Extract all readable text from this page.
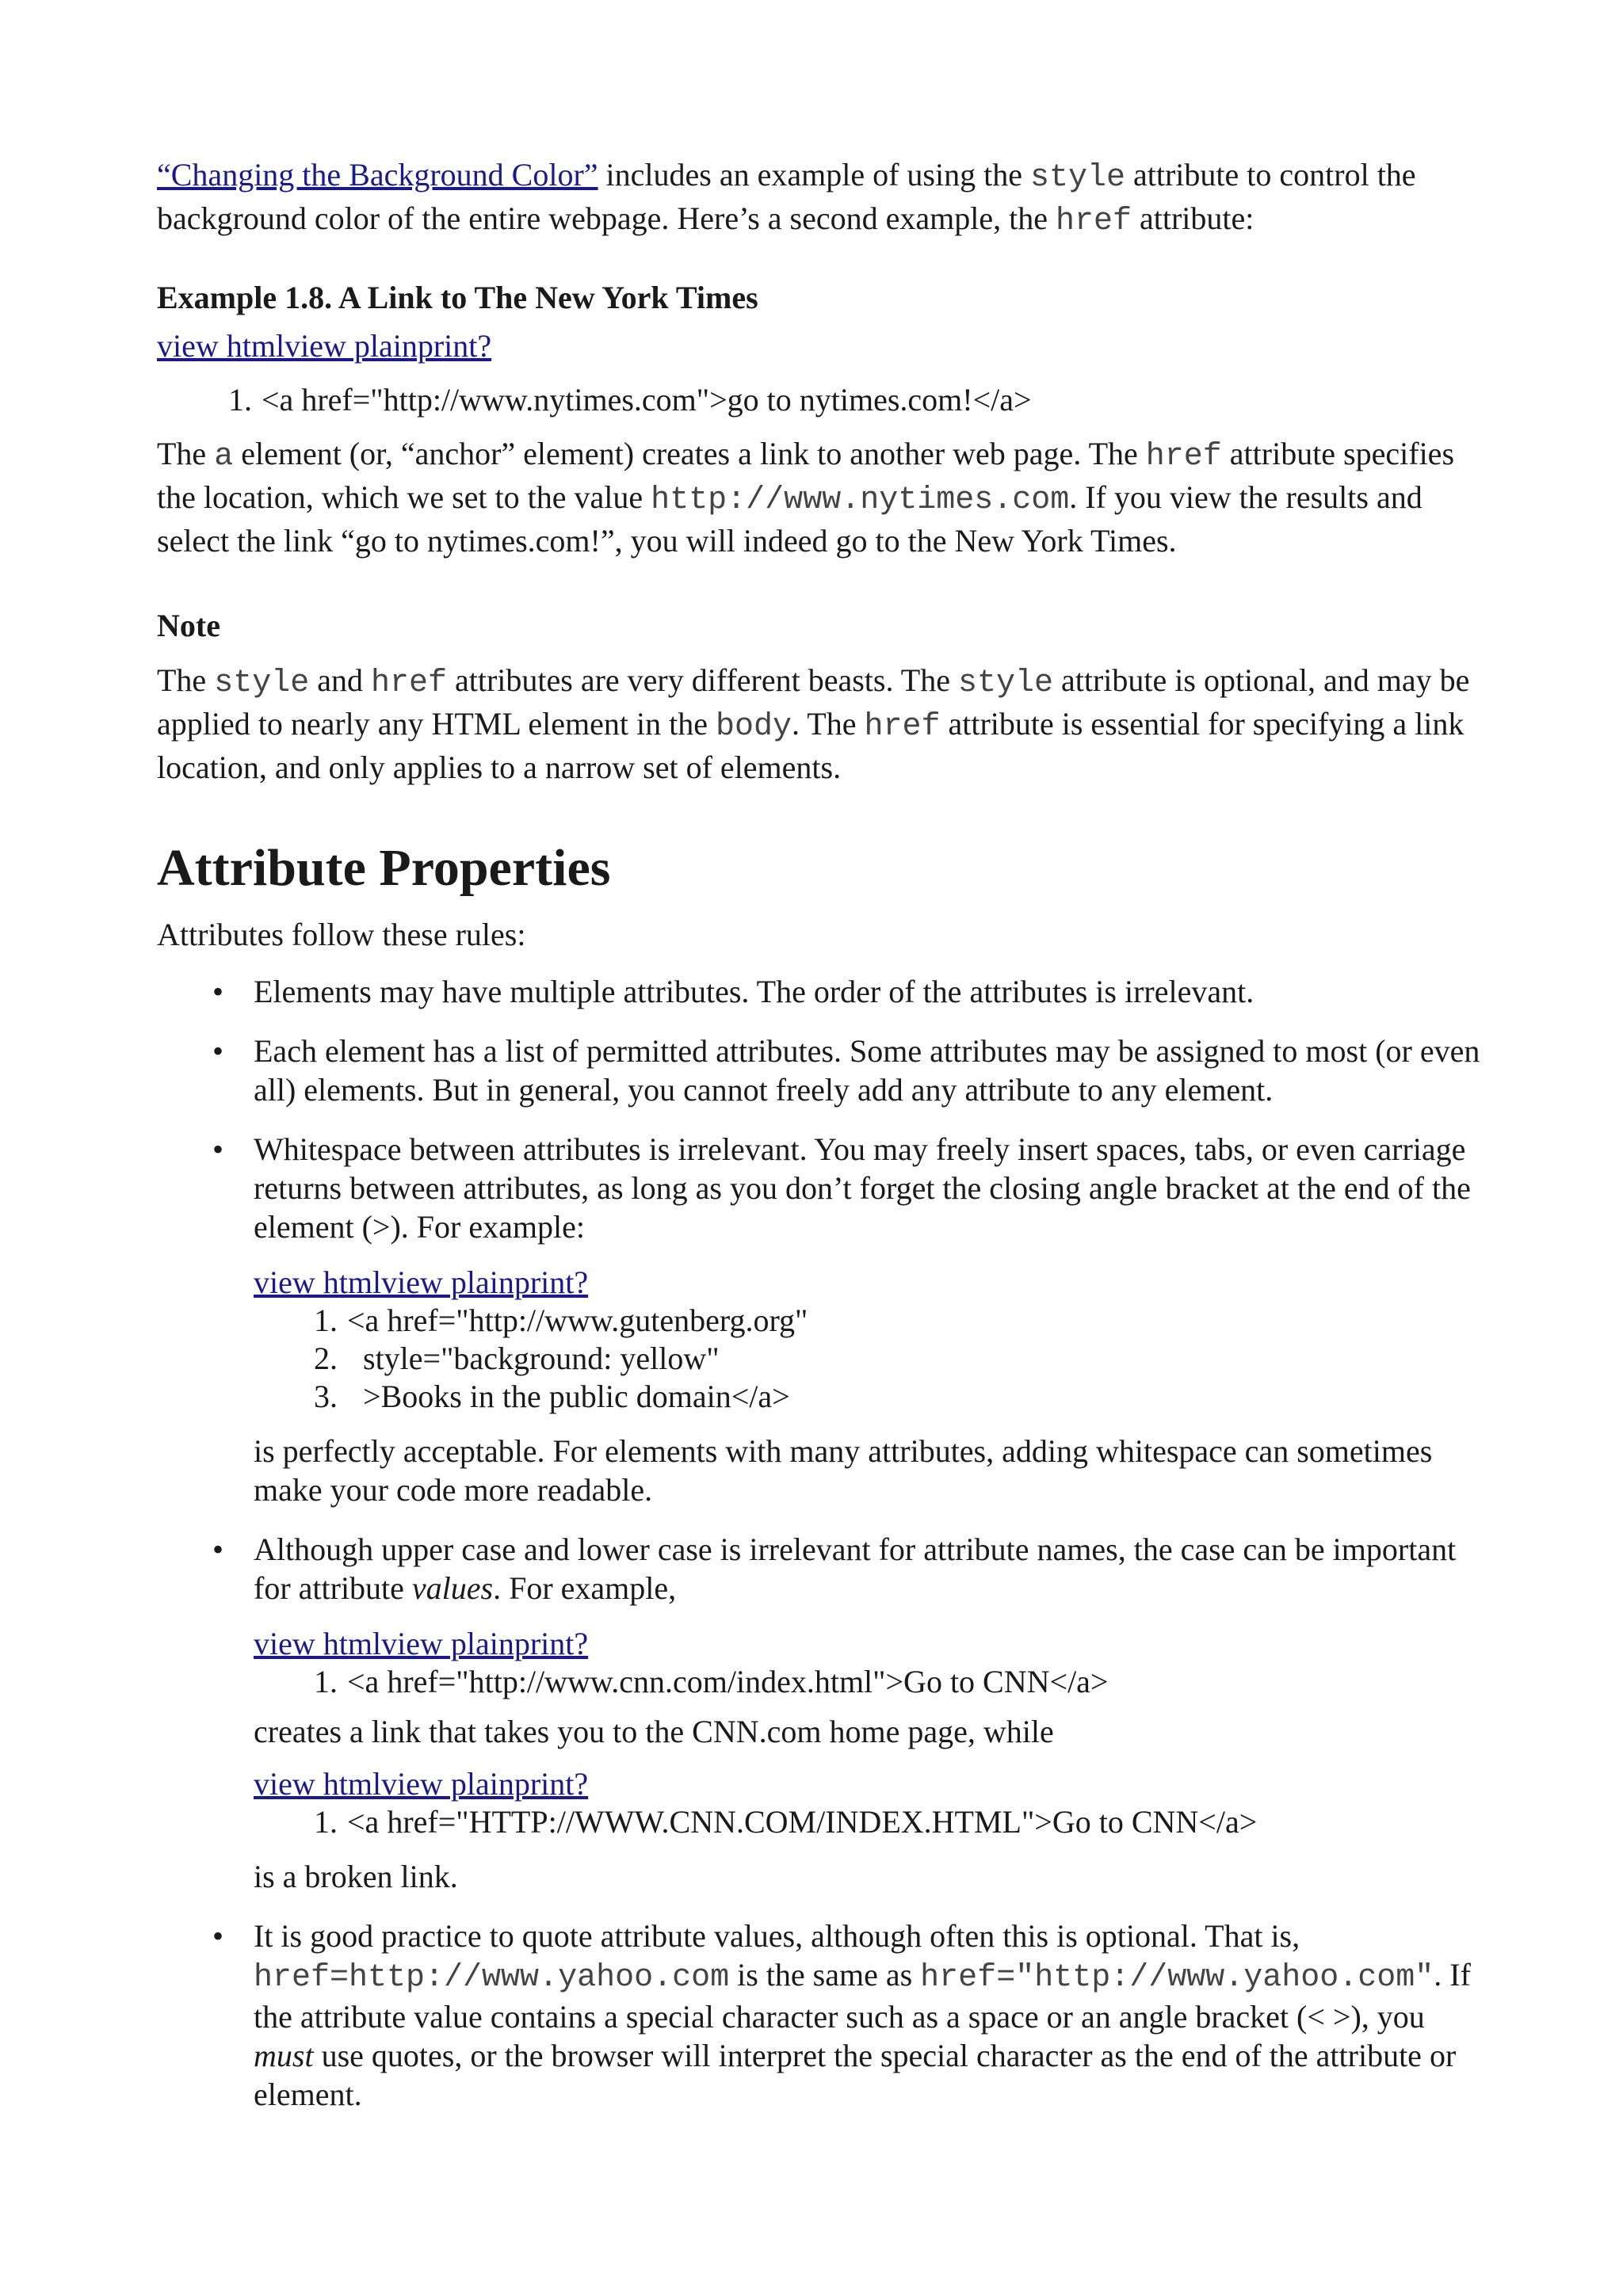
“Changing the Background Color” includes an example of using the style attribute to control the background color of the entire webpage. Here’s a second example, the href attribute:

Example 1.8. A Link to The New York Times
view htmlview plainprint?
1. <a href="http://www.nytimes.com">go to nytimes.com!</a>

The a element (or, “anchor” element) creates a link to another web page. The href attribute specifies the location, which we set to the value http://www.nytimes.com. If you view the results and select the link “go to nytimes.com!”, you will indeed go to the New York Times.

Note

The style and href attributes are very different beasts. The style attribute is optional, and may be applied to nearly any HTML element in the body. The href attribute is essential for specifying a link location, and only applies to a narrow set of elements.

Attribute Properties

Attributes follow these rules:

• Elements may have multiple attributes. The order of the attributes is irrelevant.
• Each element has a list of permitted attributes. Some attributes may be assigned to most (or even all) elements. But in general, you cannot freely add any attribute to any element.
• Whitespace between attributes is irrelevant. You may freely insert spaces, tabs, or even carriage returns between attributes, as long as you don’t forget the closing angle bracket at the end of the element (>). For example:
view htmlview plainprint?
1. <a href="http://www.gutenberg.org"
2.  style="background: yellow"
3.  >Books in the public domain</a>

is perfectly acceptable. For elements with many attributes, adding whitespace can sometimes make your code more readable.

• Although upper case and lower case is irrelevant for attribute names, the case can be important for attribute values. For example,
view htmlview plainprint?
1. <a href="http://www.cnn.com/index.html">Go to CNN</a>

creates a link that takes you to the CNN.com home page, while

view htmlview plainprint?
1. <a href="HTTP://WWW.CNN.COM/INDEX.HTML">Go to CNN</a>

is a broken link.

• It is good practice to quote attribute values, although often this is optional. That is, href=http://www.yahoo.com is the same as href="http://www.yahoo.com". If the attribute value contains a special character such as a space or an angle bracket (< >), you must use quotes, or the browser will interpret the special character as the end of the attribute or element.
